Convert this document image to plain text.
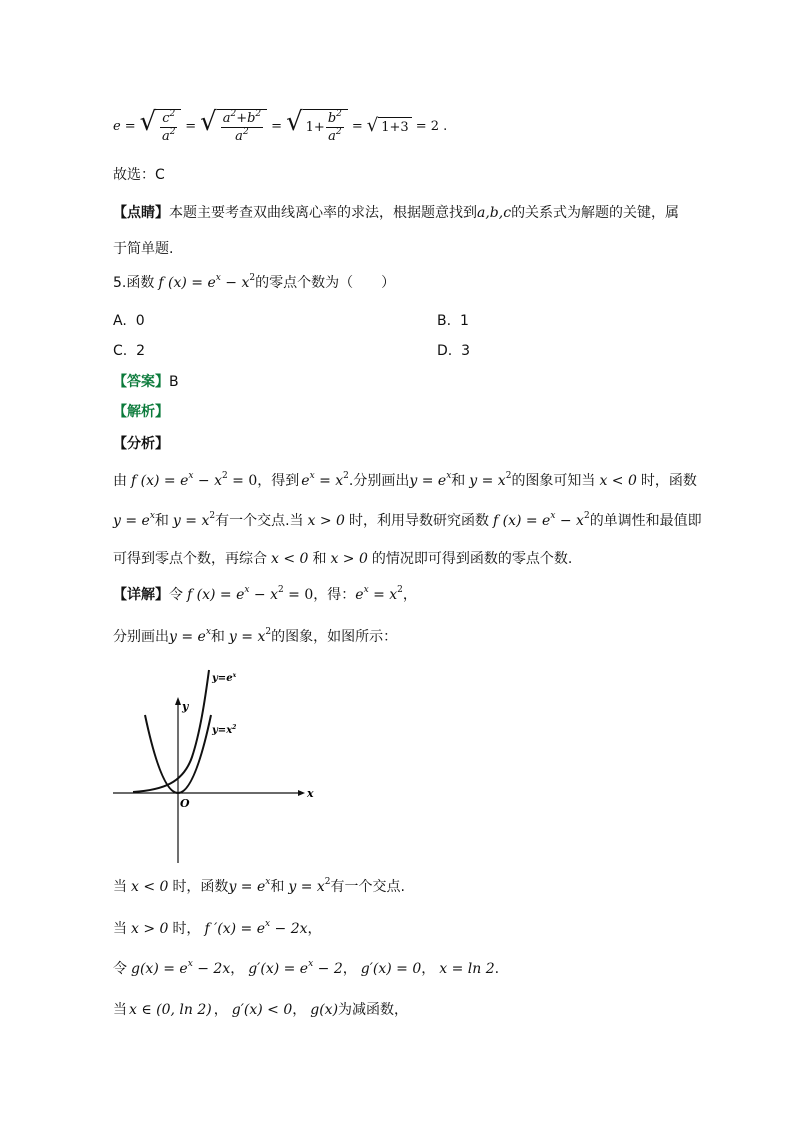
e = √ $\frac{c^2}{a^2}$ = √ $\frac{a^2+b^2}{a^2}$ = √ $1+ \frac{b^2}{a^2}$ = √ 1+3 = 2 .
故选：C
【点睛】本题主要考查双曲线离心率的求法，根据题意找到a,b,c的关系式为解题的关键，属
于简单题.
5.函数 f $(x) = e^x - x^2$的零点个数为（　　）
A. 0	B. 1
C. 2	D. 3
【答案】B
【解析】
【分析】
由 f $(x) = e^x - x^2 = 0$，得到 $e^x = x^2$.分别画出$y = e^x$和 $y = x^2$的图象可知当 x < 0 时，函数
$y = e^x$和 $y = x^2$有一个交点.当 x > 0 时，利用导数研究函数 f $(x) = e^x - x^2$的单调性和最值即
可得到零点个数，再综合 x < 0 和 x > 0 的情况即可得到函数的零点个数.
【详解】令 f $(x) = e^x - x^2 = 0$，得：$e^x = x^2$，
分别画出$y = e^x$和 $y = x^2$的图象，如图所示：
$y=e^x$
$y=x^2$
y
x
O
当 x < 0 时，函数$y = e^x$和 $y = x^2$有一个交点.
当 x > 0 时， f $'(x) = e^x - 2x$，
令 $g(x) = e^x - 2x$， $g'(x) = e^x - 2$， g′(x) = 0， x = ln 2.
当 x ∈ (0, ln 2) ， g′(x) < 0， g(x)为减函数，
